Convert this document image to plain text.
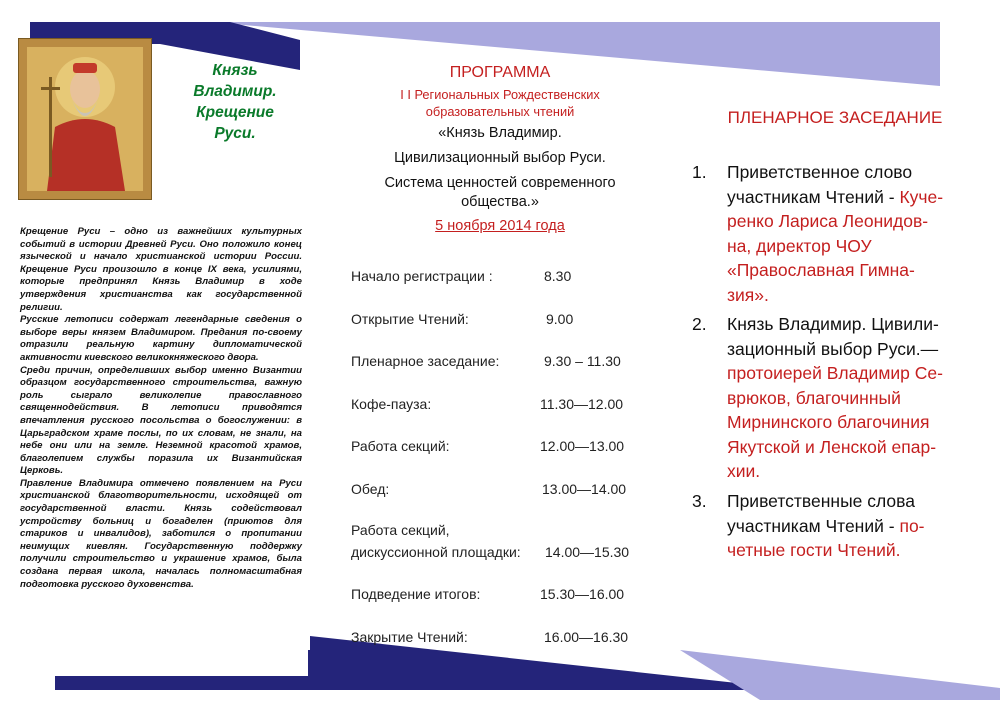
Князь
Владимир.
Крещение
Руси.

Крещение Руси – одно из важнейших культурных событий в истории Древней Руси. Оно положило конец языческой и начало христианской истории России. Крещение Руси произошло в конце IX века, усилиями, которые предпринял Князь Владимир в ходе утверждения христианства как государственной религии.

Русские летописи содержат легендарные сведения о выборе веры князем Владимиром. Предания по-своему отразили реальную картину дипломатической активности киевского великокняжеского двора.

Среди причин, определивших выбор именно Византии образцом государственного строительства, важную роль сыграло великолепие православного священнодействия. В летописи приводятся впечатления русского посольства о богослужении: в Царьградском храме послы, по их словам, не знали, на небе они или на земле. Неземной красотой храмов, благолепием службы поразила их Византийская Церковь.

Правление Владимира отмечено появлением на Руси христианской благотворительности, исходящей от государственной власти. Князь содействовал устройству больниц и богаделен (приютов для стариков и инвалидов), заботился о пропитании неимущих киевлян. Государственную поддержку получили строительство и украшение храмов, была создана первая школа, началась полномасштабная подготовка русского духовенства.

ПРОГРАММА
I I Региональных Рождественских
образовательных чтений
«Князь Владимир.
Цивилизационный выбор Руси.
Система ценностей современного
общества.»
5 ноября 2014 года
Начало регистрации :	8.30
Открытие Чтений:	9.00
Пленарное заседание:	9.30 – 11.30
Кофе-пауза:	11.30—12.00
Работа секций:	12.00—13.00
Обед:	13.00—14.00
Работа секций,
дискуссионной площадки: 14.00—15.30
Подведение итогов:	15.30—16.00
Закрытие Чтений:	16.00—16.30
ПЛЕНАРНОЕ ЗАСЕДАНИЕ
1. Приветственное слово
участникам Чтений - Куче-
ренко Лариса Леонидов-
на, директор ЧОУ
«Православная Гимна-
зия».
2. Князь Владимир. Цивили-
зационный выбор Руси.—
протоиерей Владимир Се-
врюков, благочинный
Мирнинского благочиния
Якутской и Ленской епар-
хии.
3. Приветственные слова
участникам Чтений - по-
четные гости Чтений.
